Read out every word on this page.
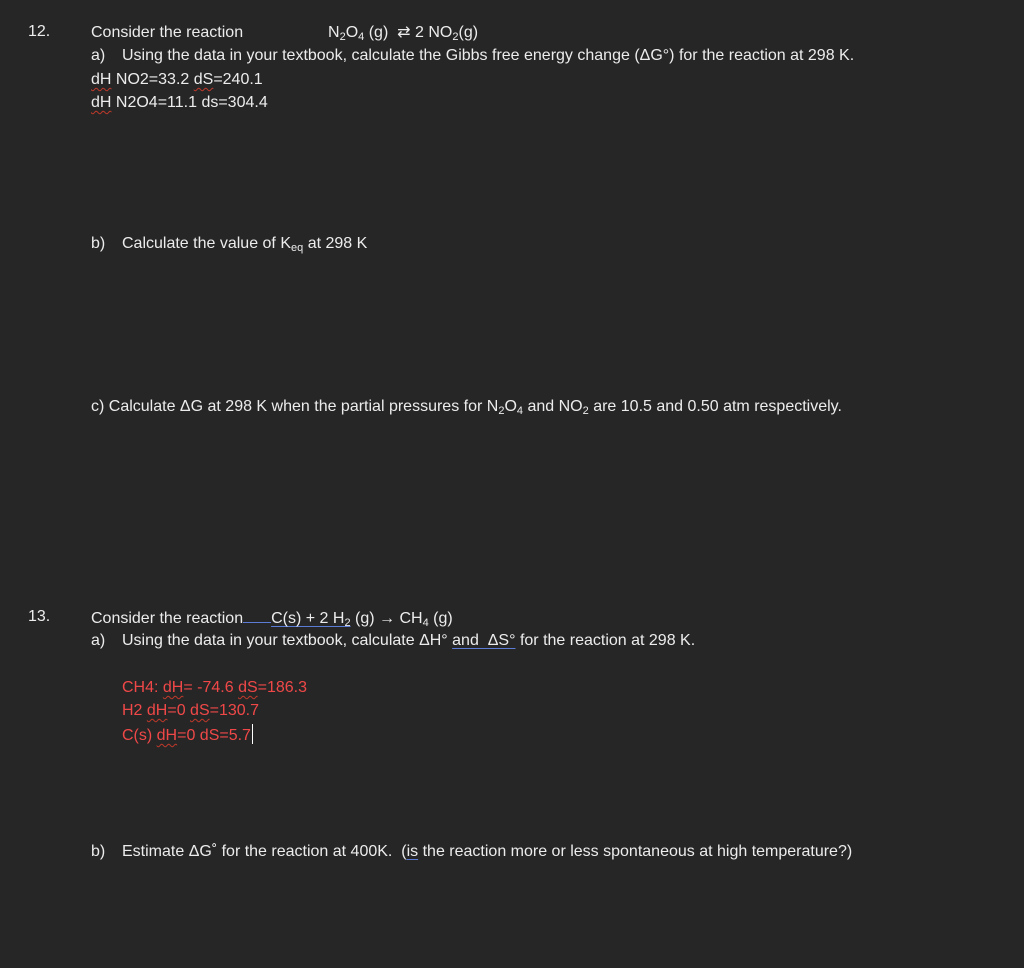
12.	Consider the reaction	$N_2O_4$ (g)  ⇄ 2 $NO_2(g)$
a) Using the data in your textbook, calculate the Gibbs free energy change (ΔG°) for the reaction at 298 K.
dH NO2=33.2 dS=240.1
dH N2O4=11.1 ds=304.4
b) Calculate the value of $K_{eq}$ at 298 K
c) Calculate ΔG at 298 K when the partial pressures for $N_2O_4$ and $NO_2$ are 10.5 and 0.50 atm respectively.
13.	Consider the reaction C(s) + 2 $H_2$ $(g) \to CH_4$ (g)
a) Using the data in your textbook, calculate ΔH° and  ΔS° for the reaction at 298 K.
CH4: dH= -74.6 dS=186.3
H2 dH=0 dS=130.7
C(s) dH=0 dS=5.7
b) Estimate ΔG˚ for the reaction at 400K.  (is the reaction more or less spontaneous at high temperature?)
